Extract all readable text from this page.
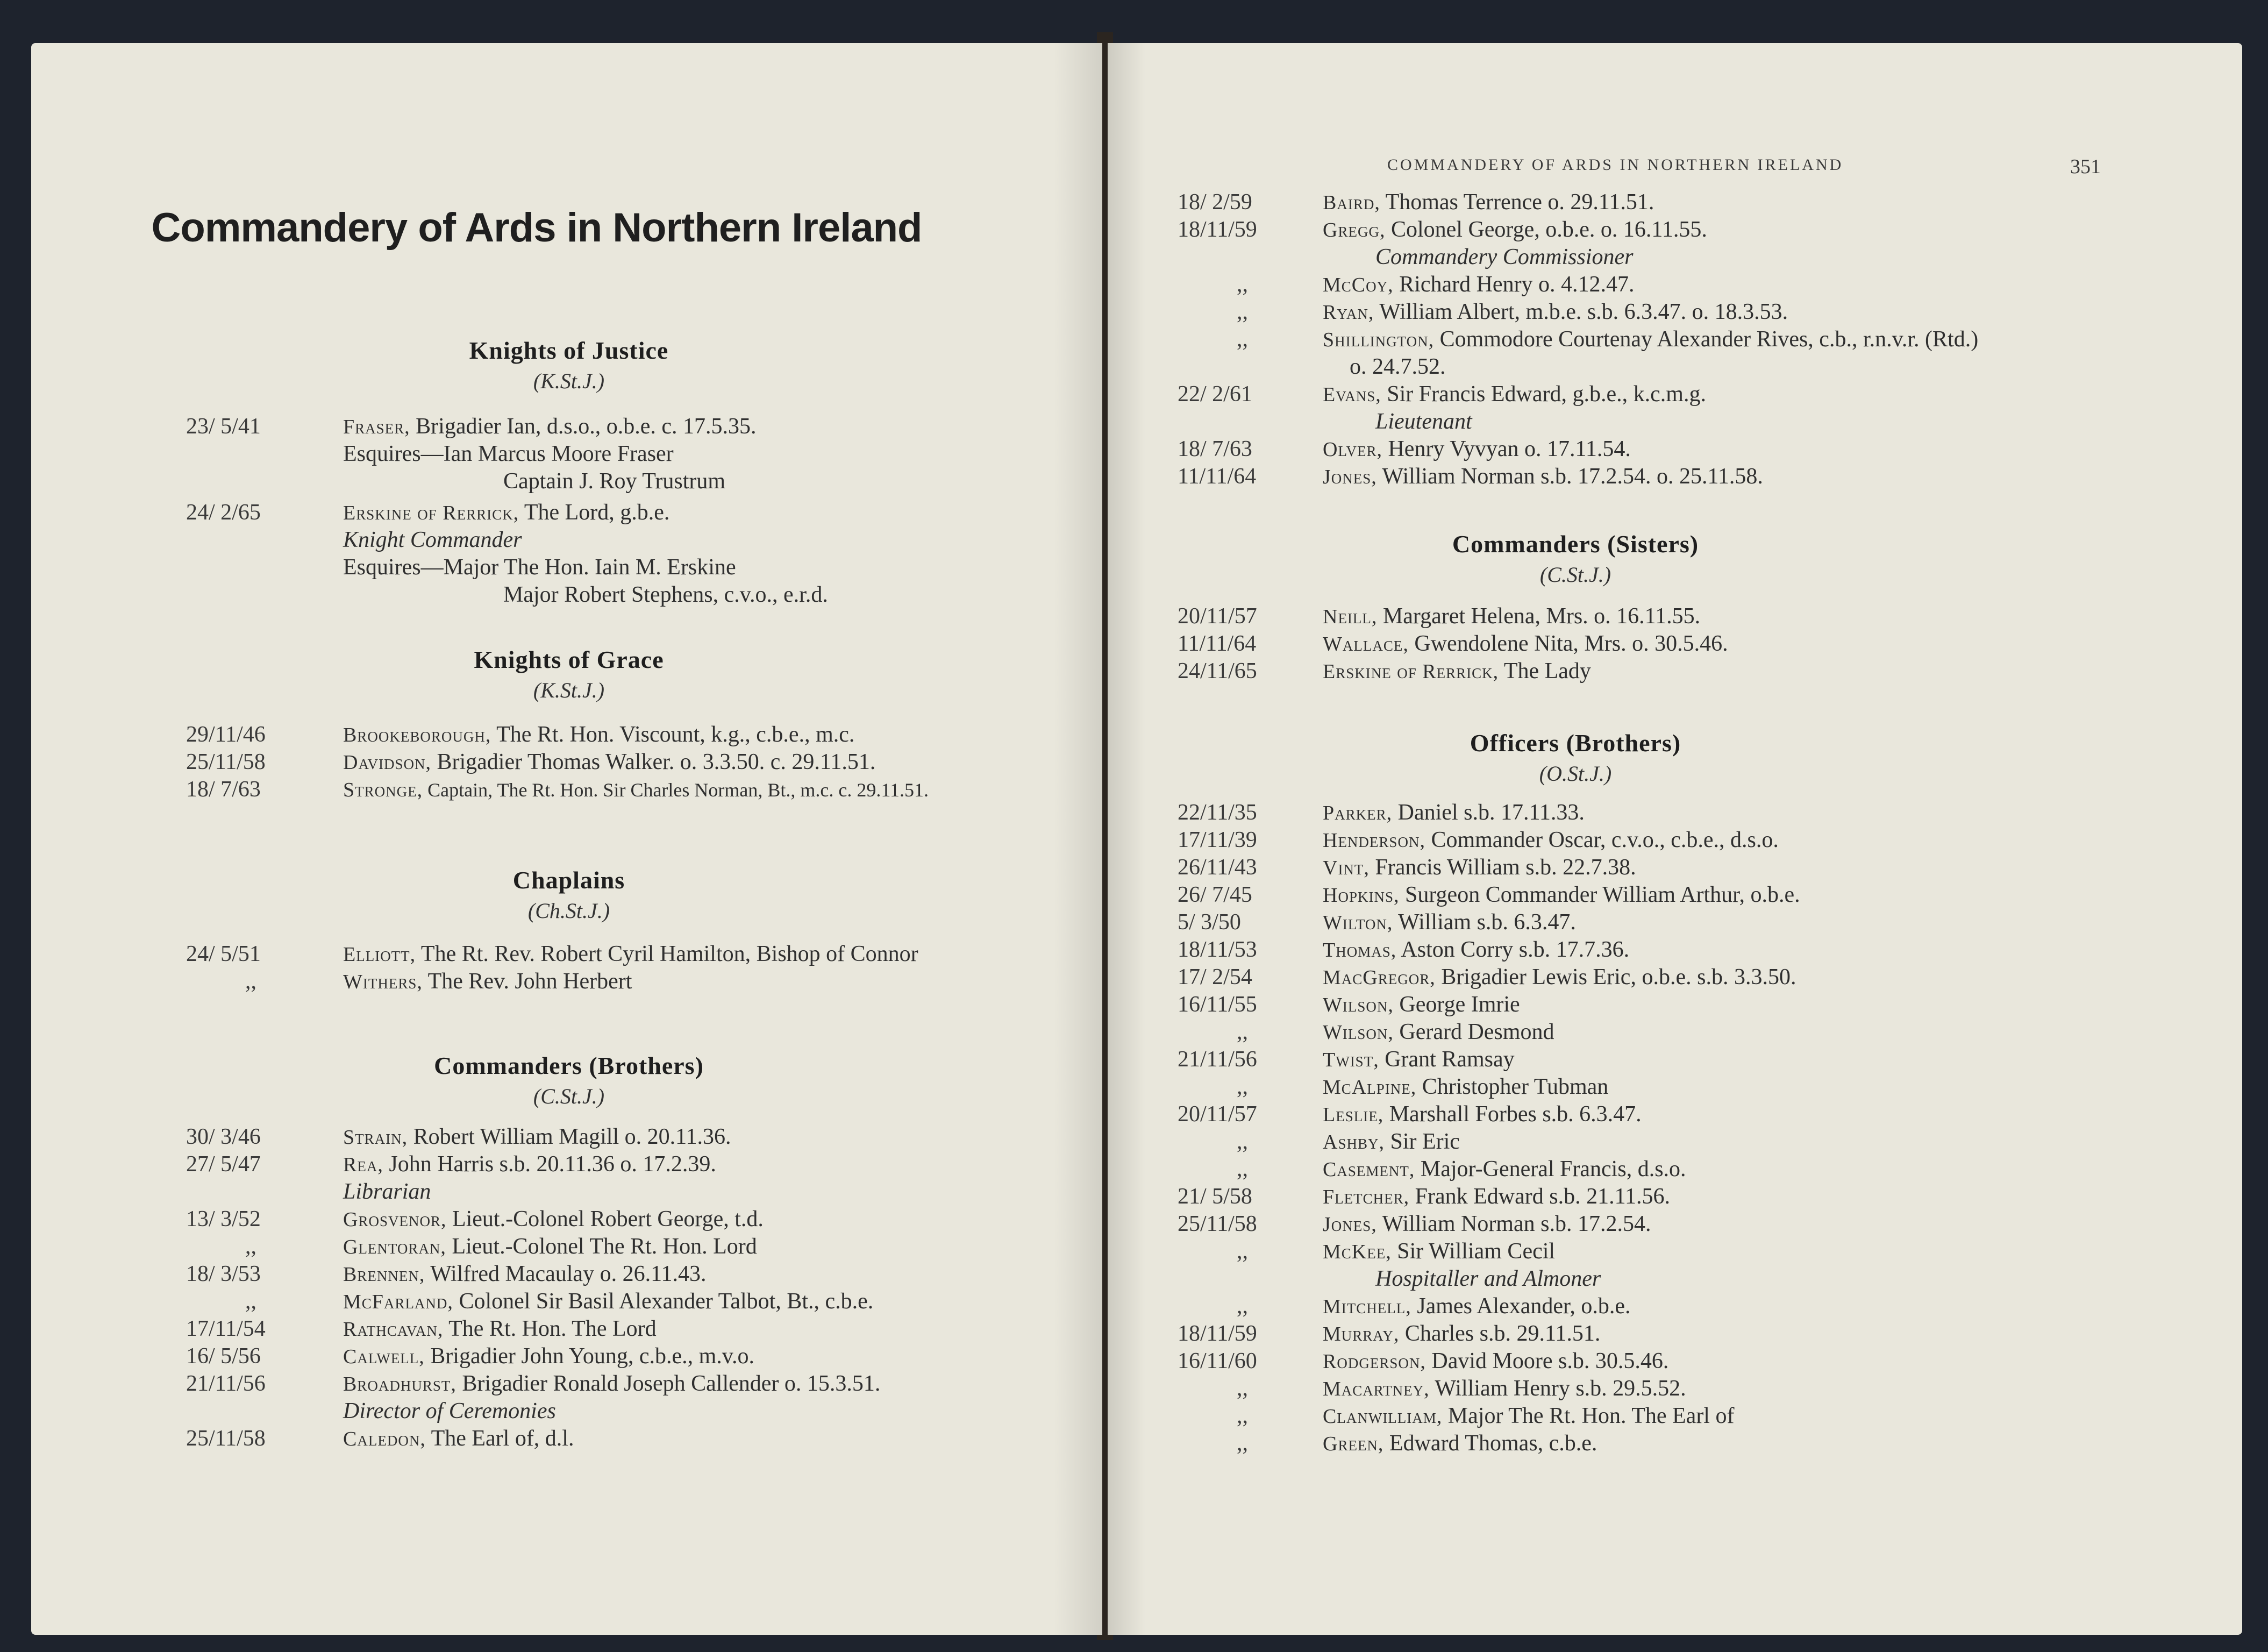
Commandery of Ards in Northern Ireland
Knights of Justice
(K.St.J.)
23/ 5/41	Fraser, Brigadier Ian, d.s.o., o.b.e. c. 17.5.35.
Esquires—Ian Marcus Moore Fraser
Captain J. Roy Trustrum
24/ 2/65	Erskine of Rerrick, The Lord, g.b.e.
Knight Commander
Esquires—Major The Hon. Iain M. Erskine
Major Robert Stephens, c.v.o., e.r.d.
Knights of Grace
(K.St.J.)
29/11/46	Brookeborough, The Rt. Hon. Viscount, k.g., c.b.e., m.c.
25/11/58	Davidson, Brigadier Thomas Walker. o. 3.3.50. c. 29.11.51.
18/ 7/63	Stronge, Captain, The Rt. Hon. Sir Charles Norman, Bt., m.c. c. 29.11.51.
Chaplains
(Ch.St.J.)
24/ 5/51	Elliott, The Rt. Rev. Robert Cyril Hamilton, Bishop of Connor
,,	Withers, The Rev. John Herbert
Commanders (Brothers)
(C.St.J.)
30/ 3/46	Strain, Robert William Magill o. 20.11.36.
27/ 5/47	Rea, John Harris s.b. 20.11.36 o. 17.2.39.
Librarian
13/ 3/52	Grosvenor, Lieut.-Colonel Robert George, t.d.
,,	Glentoran, Lieut.-Colonel The Rt. Hon. Lord
18/ 3/53	Brennen, Wilfred Macaulay o. 26.11.43.
,,	McFarland, Colonel Sir Basil Alexander Talbot, Bt., c.b.e.
17/11/54	Rathcavan, The Rt. Hon. The Lord
16/ 5/56	Calwell, Brigadier John Young, c.b.e., m.v.o.
21/11/56	Broadhurst, Brigadier Ronald Joseph Callender o. 15.3.51.
Director of Ceremonies
25/11/58	Caledon, The Earl of, d.l.
COMMANDERY OF ARDS IN NORTHERN IRELAND	351
18/ 2/59	Baird, Thomas Terrence o. 29.11.51.
18/11/59	Gregg, Colonel George, o.b.e. o. 16.11.55.
Commandery Commissioner
,,	McCoy, Richard Henry o. 4.12.47.
,,	Ryan, William Albert, m.b.e. s.b. 6.3.47. o. 18.3.53.
,,	Shillington, Commodore Courtenay Alexander Rives, c.b., r.n.v.r. (Rtd.)
o. 24.7.52.
22/ 2/61	Evans, Sir Francis Edward, g.b.e., k.c.m.g.
Lieutenant
18/ 7/63	Olver, Henry Vyvyan o. 17.11.54.
11/11/64	Jones, William Norman s.b. 17.2.54. o. 25.11.58.
Commanders (Sisters)
(C.St.J.)
20/11/57	Neill, Margaret Helena, Mrs. o. 16.11.55.
11/11/64	Wallace, Gwendolene Nita, Mrs. o. 30.5.46.
24/11/65	Erskine of Rerrick, The Lady
Officers (Brothers)
(O.St.J.)
22/11/35	Parker, Daniel s.b. 17.11.33.
17/11/39	Henderson, Commander Oscar, c.v.o., c.b.e., d.s.o.
26/11/43	Vint, Francis William s.b. 22.7.38.
26/ 7/45	Hopkins, Surgeon Commander William Arthur, o.b.e.
5/ 3/50	Wilton, William s.b. 6.3.47.
18/11/53	Thomas, Aston Corry s.b. 17.7.36.
17/ 2/54	MacGregor, Brigadier Lewis Eric, o.b.e. s.b. 3.3.50.
16/11/55	Wilson, George Imrie
,,	Wilson, Gerard Desmond
21/11/56	Twist, Grant Ramsay
,,	McAlpine, Christopher Tubman
20/11/57	Leslie, Marshall Forbes s.b. 6.3.47.
,,	Ashby, Sir Eric
,,	Casement, Major-General Francis, d.s.o.
21/ 5/58	Fletcher, Frank Edward s.b. 21.11.56.
25/11/58	Jones, William Norman s.b. 17.2.54.
,,	McKee, Sir William Cecil
Hospitaller and Almoner
,,	Mitchell, James Alexander, o.b.e.
18/11/59	Murray, Charles s.b. 29.11.51.
16/11/60	Rodgerson, David Moore s.b. 30.5.46.
,,	Macartney, William Henry s.b. 29.5.52.
,,	Clanwilliam, Major The Rt. Hon. The Earl of
,,	Green, Edward Thomas, c.b.e.
